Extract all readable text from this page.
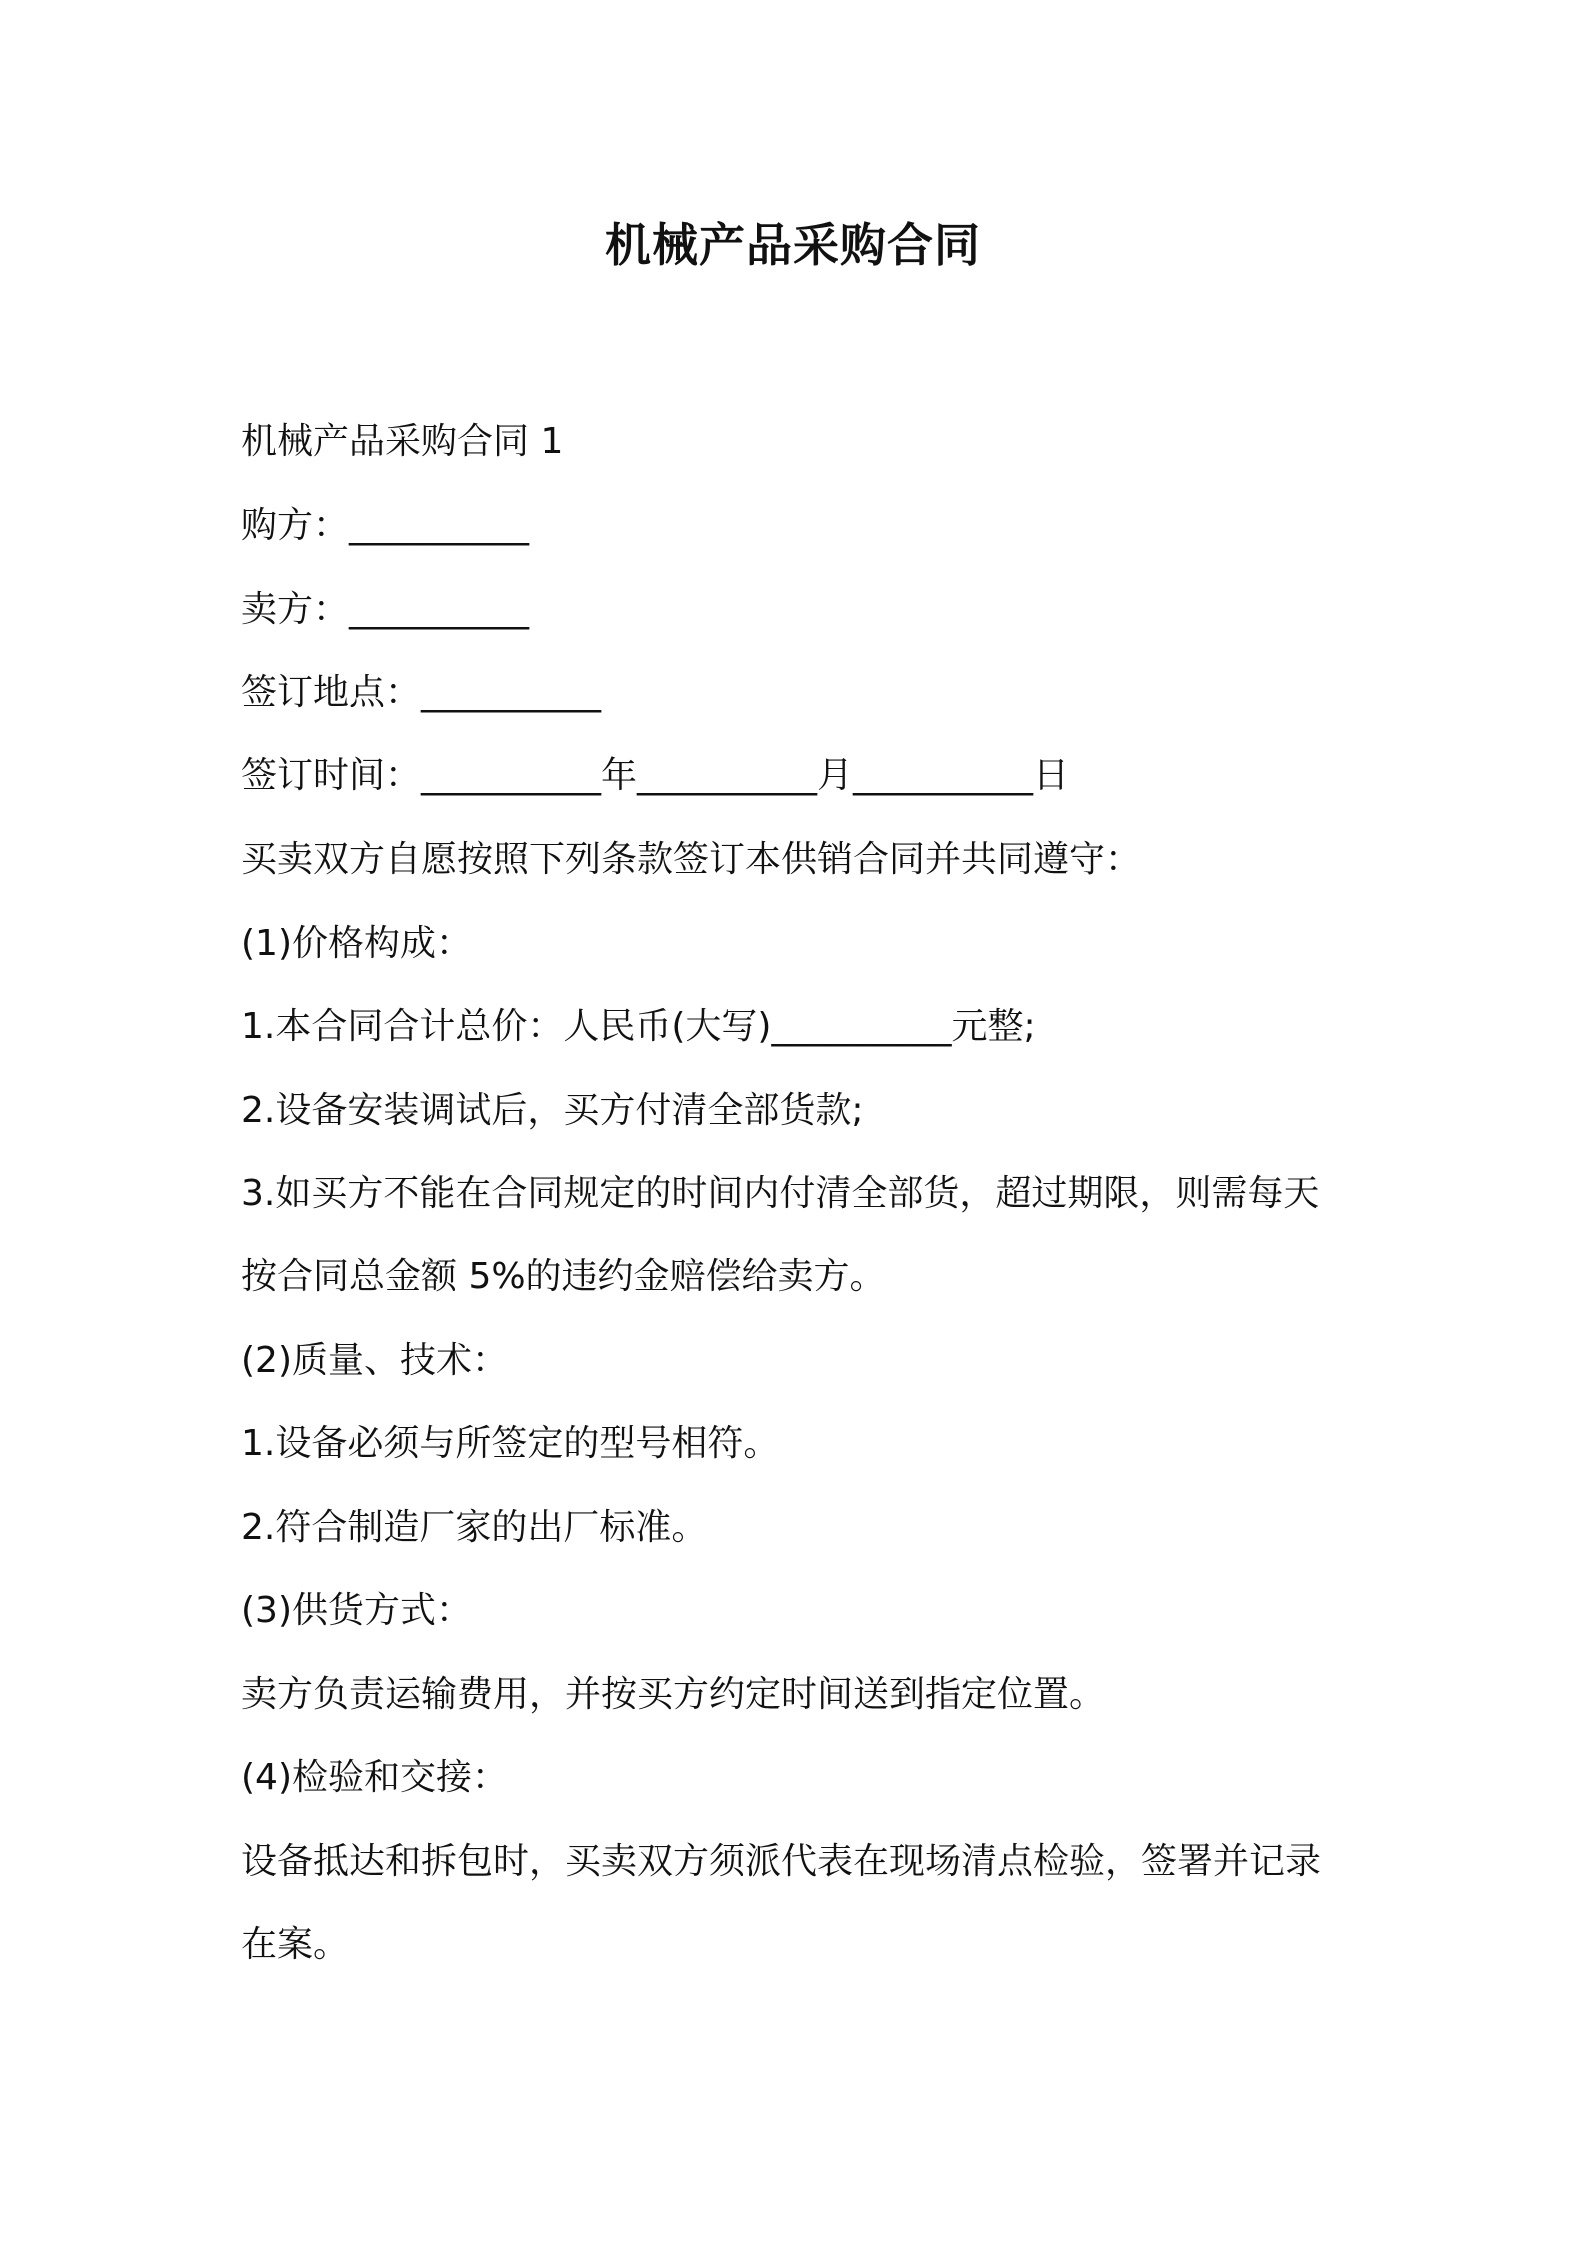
机械产品采购合同
机械产品采购合同 1
购方：__________
卖方：__________
签订地点：__________
签订时间：__________年__________月__________日
买卖双方自愿按照下列条款签订本供销合同并共同遵守：
(1)价格构成：
1.本合同合计总价：人民币(大写)__________元整;
2.设备安装调试后，买方付清全部货款;
3.如买方不能在合同规定的时间内付清全部货，超过期限，则需每天
按合同总金额 5%的违约金赔偿给卖方。
(2)质量、技术：
1.设备必须与所签定的型号相符。
2.符合制造厂家的出厂标准。
(3)供货方式：
卖方负责运输费用，并按买方约定时间送到指定位置。
(4)检验和交接：
设备抵达和拆包时，买卖双方须派代表在现场清点检验，签署并记录
在案。
